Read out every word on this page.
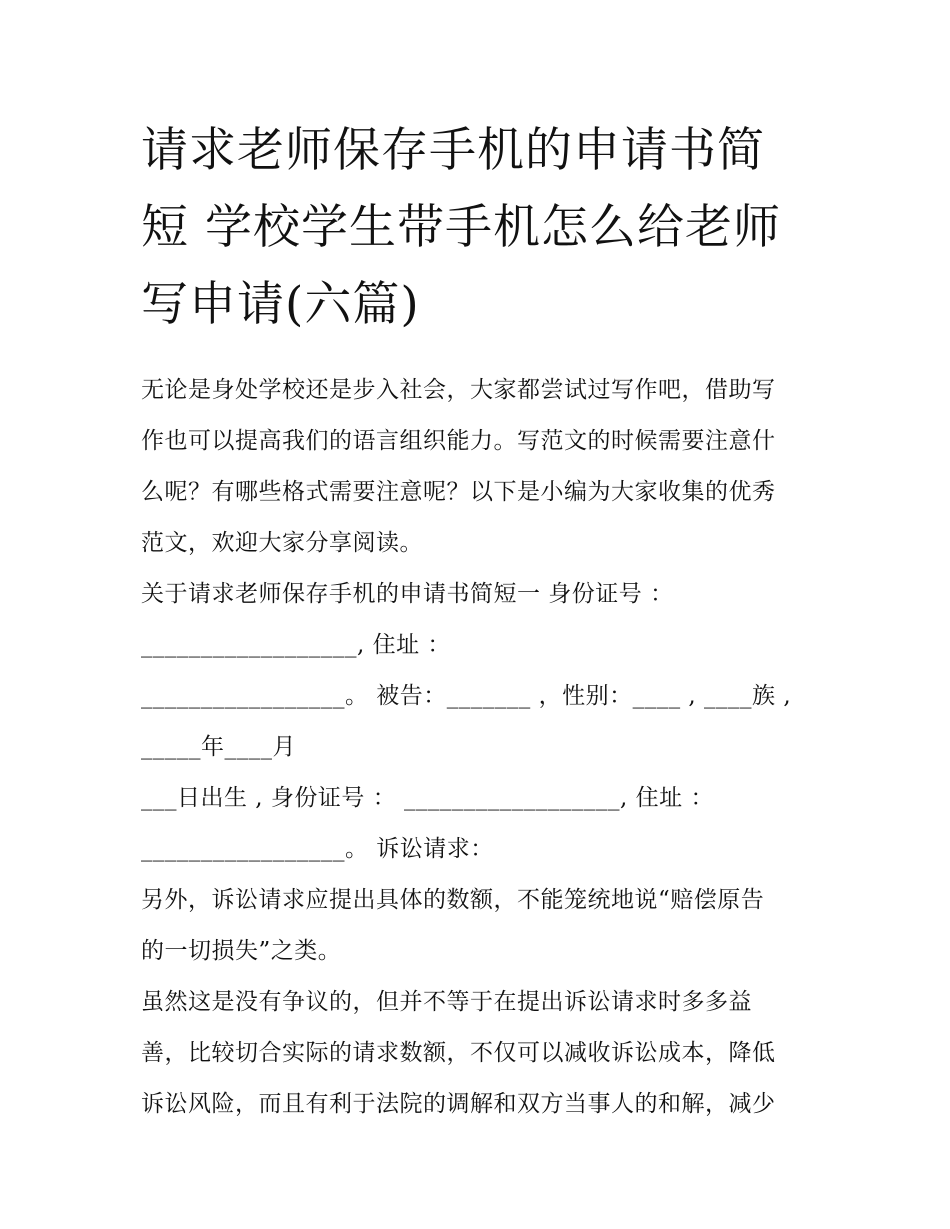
请求老师保存手机的申请书简
短 学校学生带手机怎么给老师
写申请(六篇)

无论是身处学校还是步入社会，大家都尝试过写作吧，借助写

作也可以提高我们的语言组织能力。写范文的时候需要注意什

么呢？有哪些格式需要注意呢？以下是小编为大家收集的优秀

范文，欢迎大家分享阅读。

关于请求老师保存手机的申请书简短一 身份证号 ：

__________________, 住址 ：

_________________。 被告：_______ ，性别：____ , ____族 ,

_____年____月

___日出生 , 身份证号 ： __________________, 住址 ：

_________________。 诉讼请求：

另外，诉讼请求应提出具体的数额，不能笼统地说“赔偿原告

的一切损失”之类。

虽然这是没有争议的，但并不等于在提出诉讼请求时多多益

善，比较切合实际的请求数额，不仅可以减收诉讼成本，降低

诉讼风险，而且有利于法院的调解和双方当事人的和解，减少
